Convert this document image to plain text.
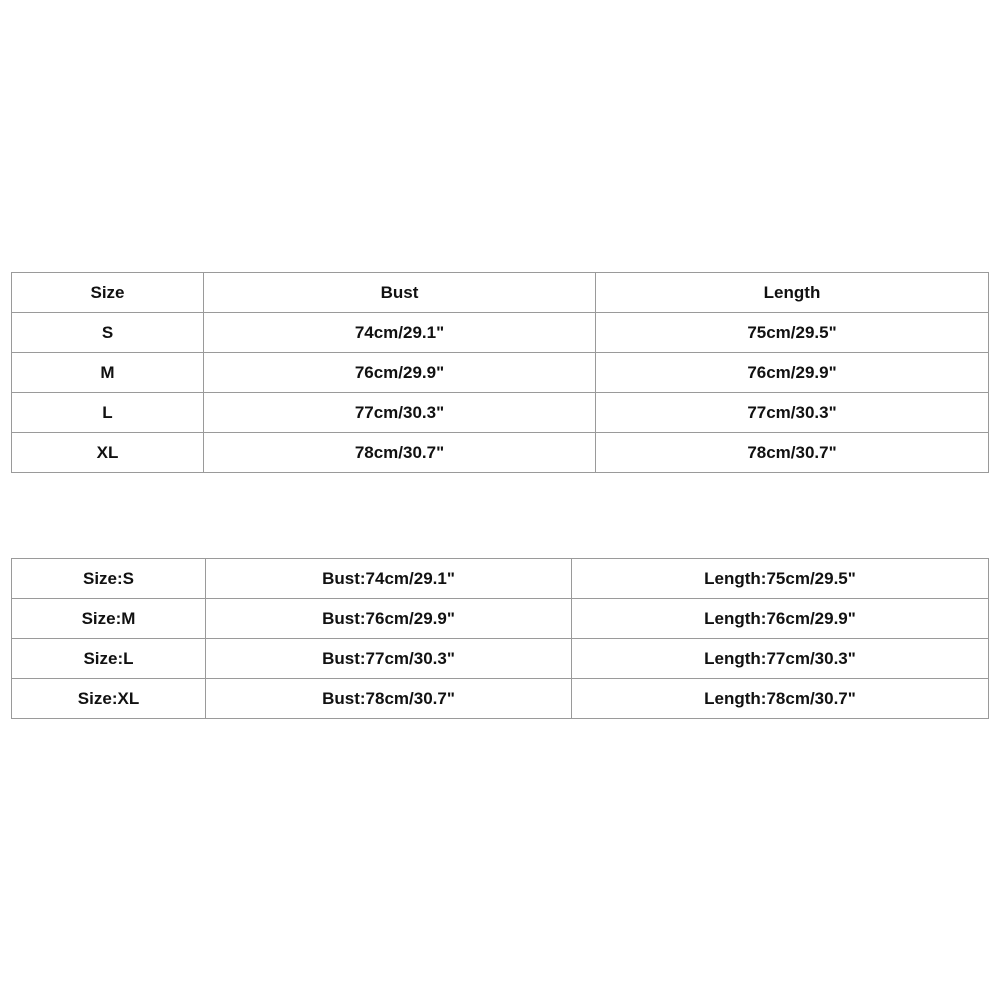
Size	Bust	Length
S	74cm/29.1"	75cm/29.5"
M	76cm/29.9"	76cm/29.9"
L	77cm/30.3"	77cm/30.3"
XL	78cm/30.7"	78cm/30.7"
Size:S	Bust:74cm/29.1"	Length:75cm/29.5"
Size:M	Bust:76cm/29.9"	Length:76cm/29.9"
Size:L	Bust:77cm/30.3"	Length:77cm/30.3"
Size:XL	Bust:78cm/30.7"	Length:78cm/30.7"
